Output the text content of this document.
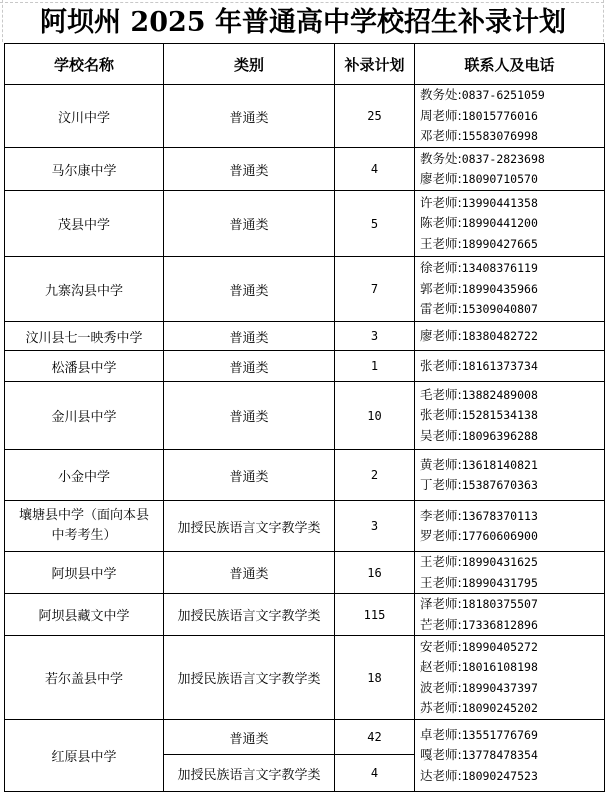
阿坝州 2025 年普通高中学校招生补录计划
学校名称	类别	补录计划	联系人及电话
汶川中学	普通类	25	教务处:0837-6251059
周老师:18015776016
邓老师:15583076998

马尔康中学	普通类	4	教务处:0837-2823698
廖老师:18090710570

茂县中学	普通类	5	许老师:13990441358
陈老师:18990441200
王老师:18990427665

九寨沟县中学	普通类	7	徐老师:13408376119
郭老师:18990435966
雷老师:15309040807

汶川县七一映秀中学	普通类	3	廖老师:18380482722

松潘县中学	普通类	1	张老师:18161373734

金川县中学	普通类	10	毛老师:13882489008
张老师:15281534138
吴老师:18096396288

小金中学	普通类	2	黄老师:13618140821
丁老师:15387670363

壤塘县中学（面向本县
中考考生）	加授民族语言文字教学类	3	李老师:13678370113
罗老师:17760606900

阿坝县中学	普通类	16	王老师:18990431625
王老师:18990431795

阿坝县藏文中学	加授民族语言文字教学类	115	泽老师:18180375507
芒老师:17336812896

若尔盖县中学	加授民族语言文字教学类	18	安老师:18990405272
赵老师:18016108198
波老师:18990437397
苏老师:18090245202

红原县中学	普通类	42	卓老师:13551776769
嘎老师:13778478354
达老师:18090247523

	加授民族语言文字教学类	4	
